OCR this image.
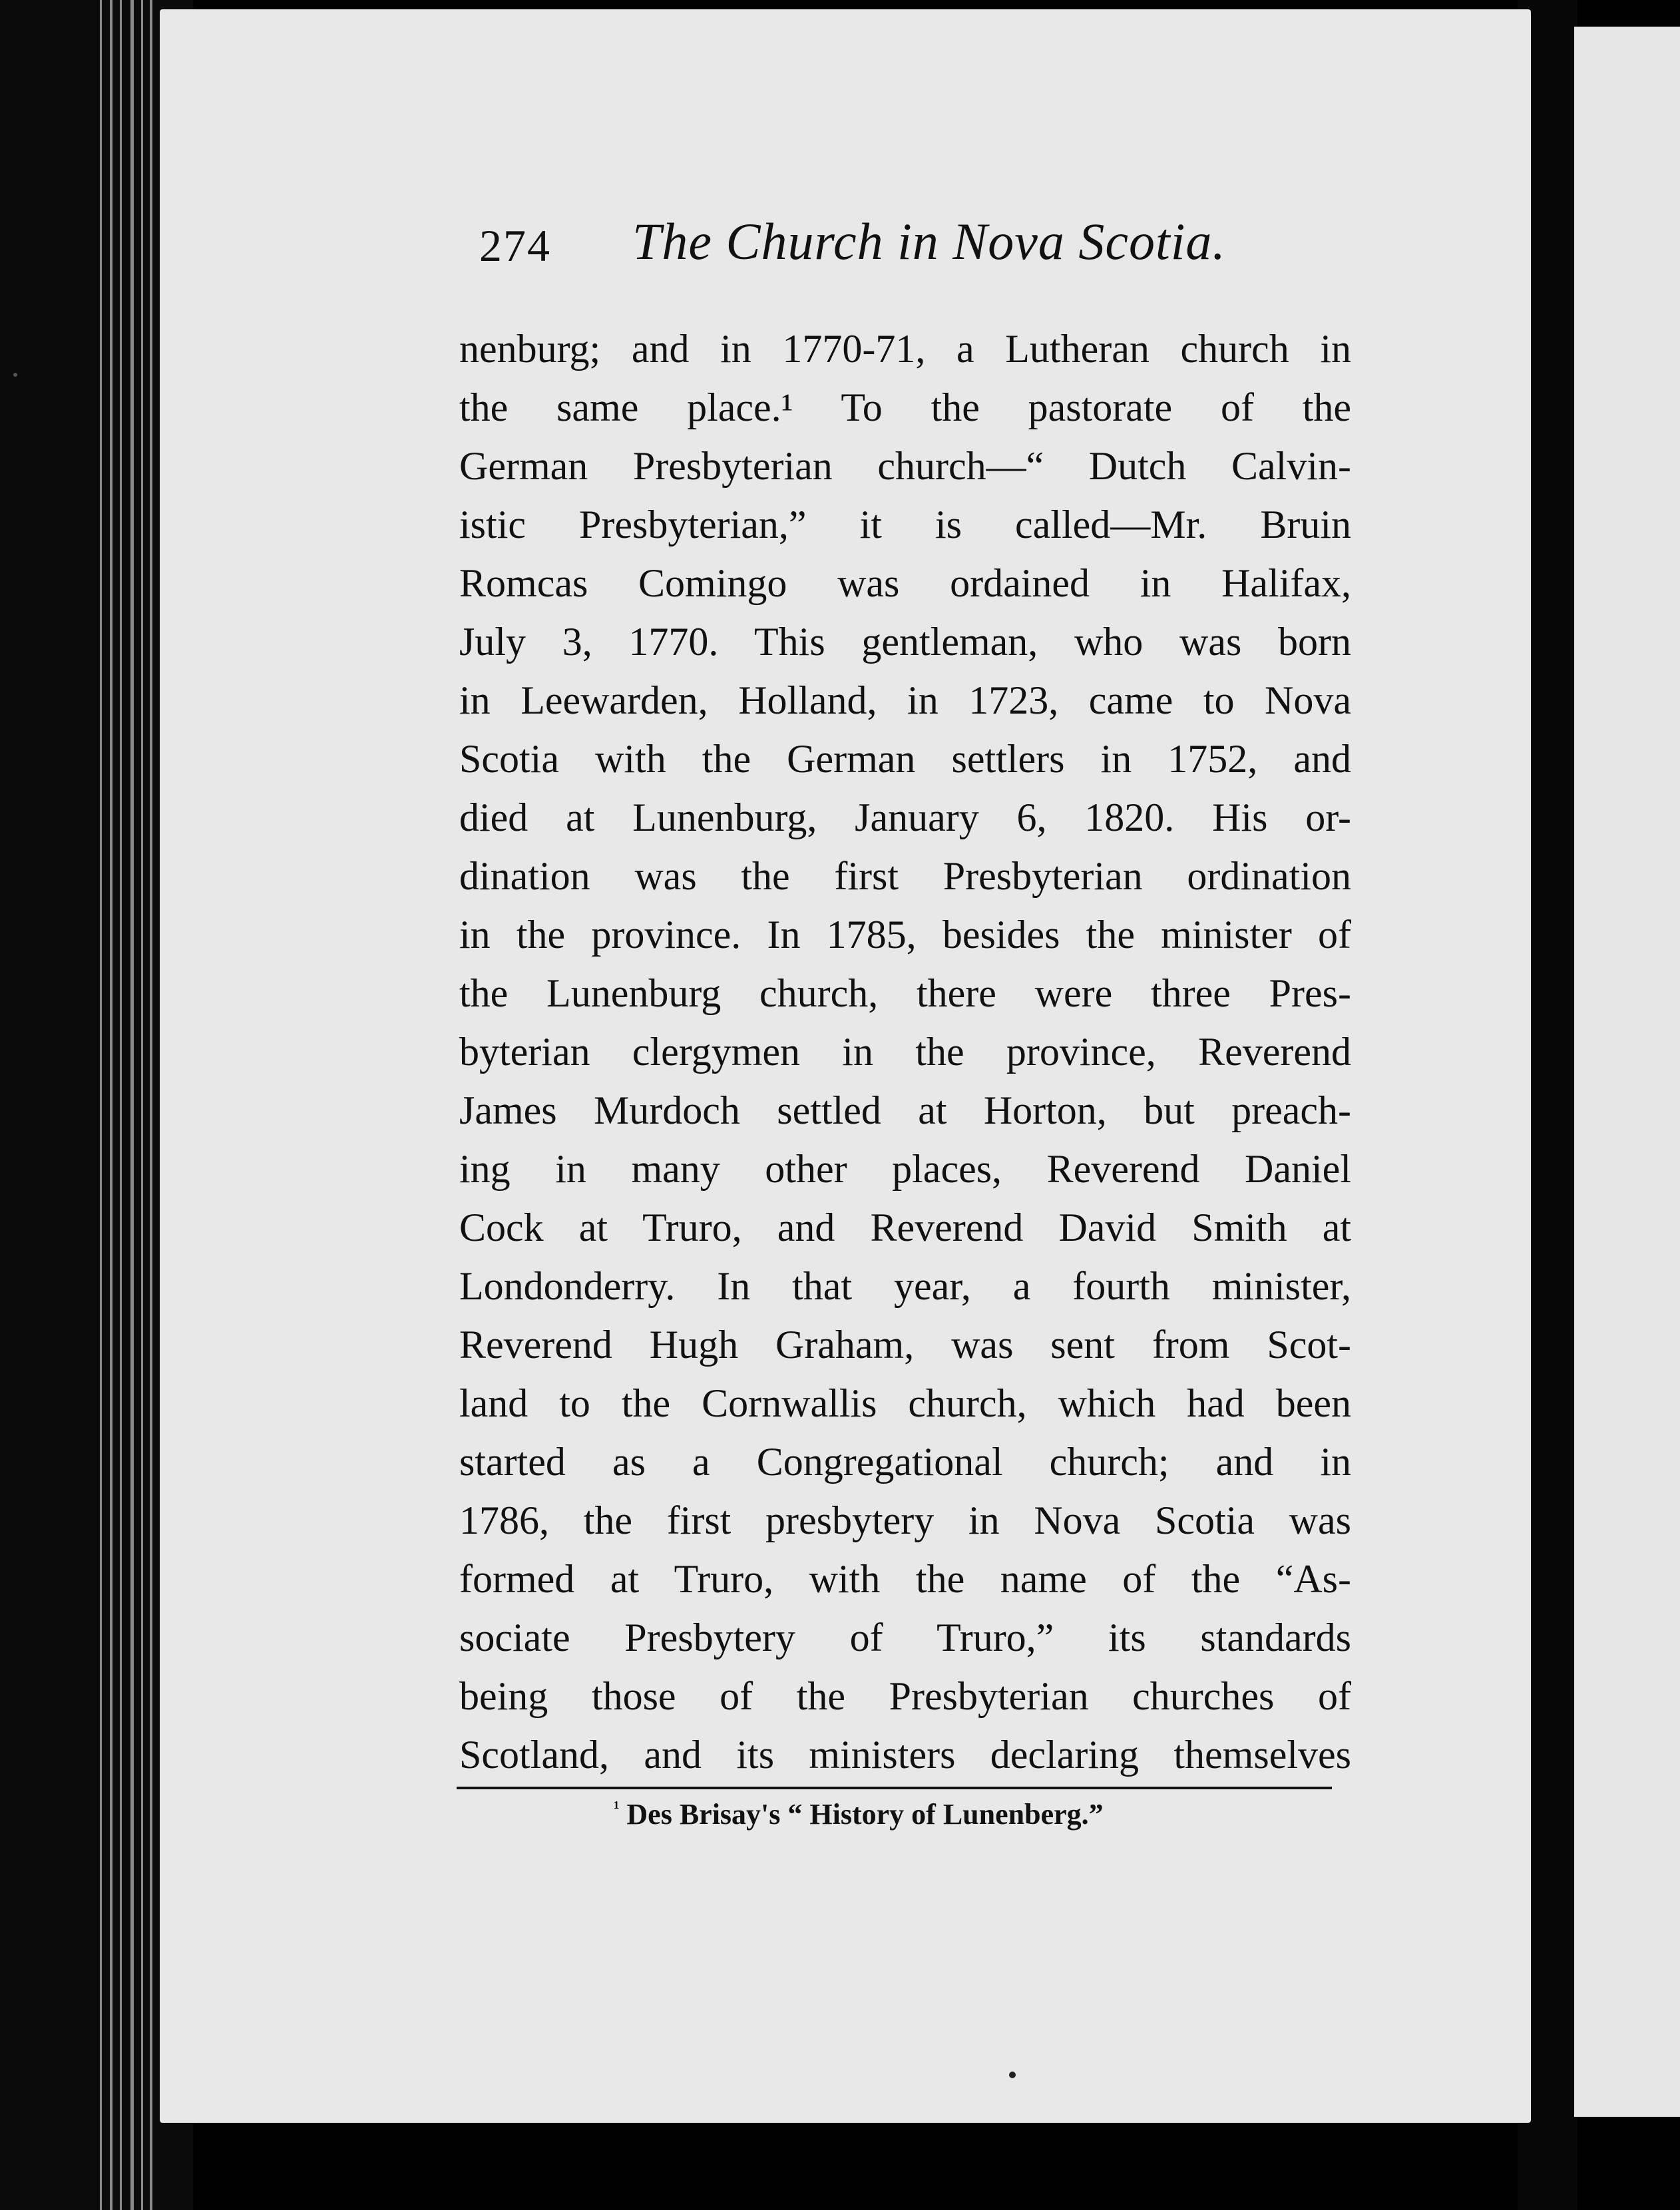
274 The Church in Nova Scotia.
nenburg; and in 1770-71, a Lutheran church in
the same place.¹ To the pastorate of the
German Presbyterian church—“ Dutch Calvin-
istic Presbyterian,” it is called—Mr. Bruin
Romcas Comingo was ordained in Halifax,
July 3, 1770. This gentleman, who was born
in Leewarden, Holland, in 1723, came to Nova
Scotia with the German settlers in 1752, and
died at Lunenburg, January 6, 1820. His or-
dination was the first Presbyterian ordination
in the province. In 1785, besides the minister of
the Lunenburg church, there were three Pres-
byterian clergymen in the province, Reverend
James Murdoch settled at Horton, but preach-
ing in many other places, Reverend Daniel
Cock at Truro, and Reverend David Smith at
Londonderry. In that year, a fourth minister,
Reverend Hugh Graham, was sent from Scot-
land to the Cornwallis church, which had been
started as a Congregational church; and in
1786, the first presbytery in Nova Scotia was
formed at Truro, with the name of the “As-
sociate Presbytery of Truro,” its standards
being those of the Presbyterian churches of
Scotland, and its ministers declaring themselves
$^{^1}$ Des Brisay's “ History of Lunenberg.”
